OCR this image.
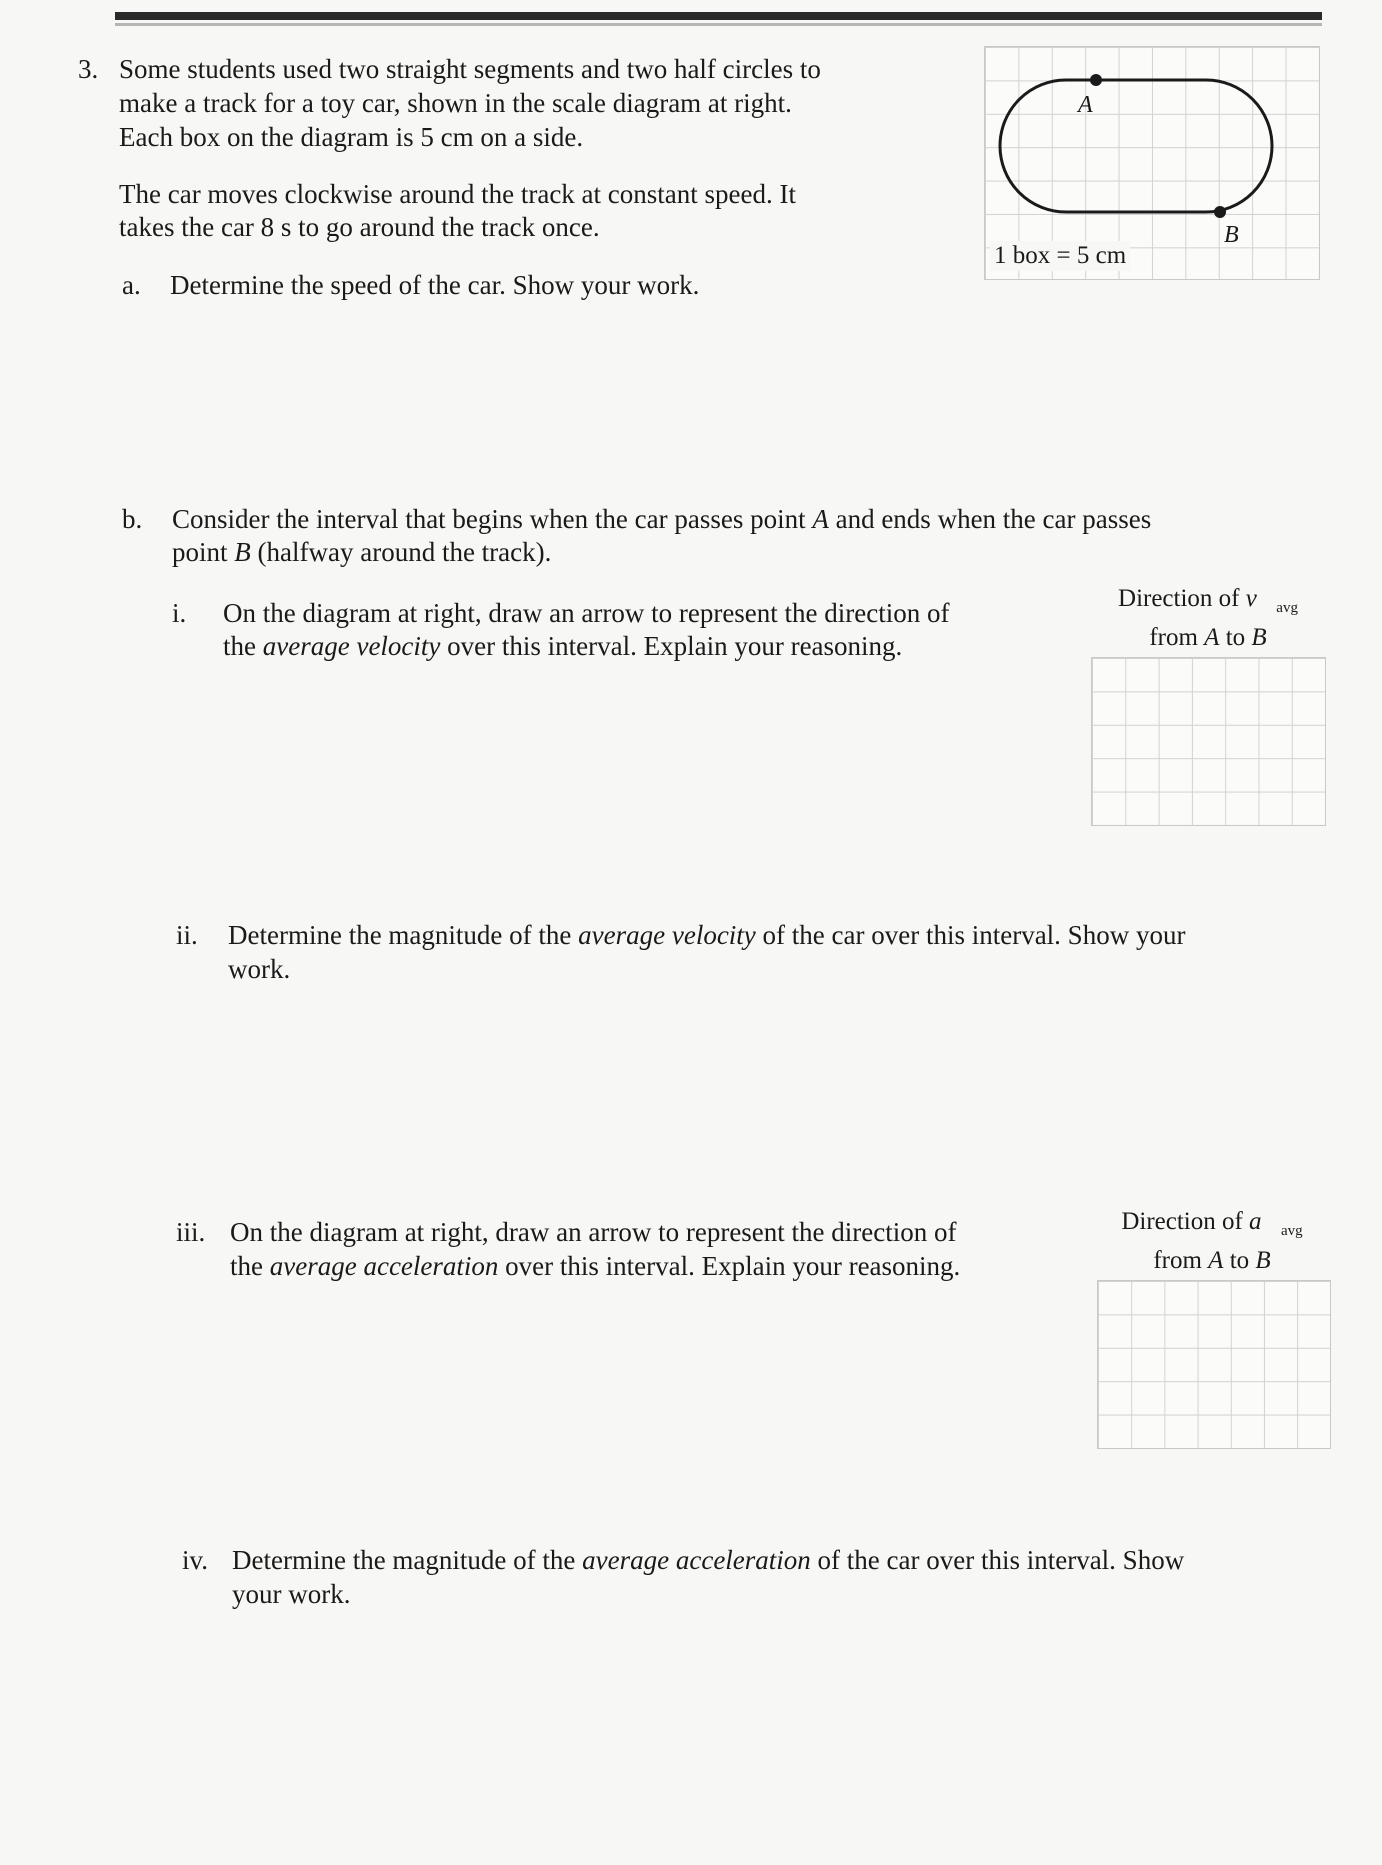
3. Some students used two straight segments and two half circles to
make a track for a toy car, shown in the scale diagram at right.
Each box on the diagram is 5 cm on a side.
The car moves clockwise around the track at constant speed. It
takes the car 8 s to go around the track once.
A
B
1 box = 5 cm
a. Determine the speed of the car. Show your work.
b. Consider the interval that begins when the car passes point A and ends when the car passes
point B (halfway around the track).
i. On the diagram at right, draw an arrow to represent the direction of
the average velocity over this interval. Explain your reasoning.
Direction of $v⃗_{avg}$
from A to B
ii. Determine the magnitude of the average velocity of the car over this interval. Show your
work.
iii. On the diagram at right, draw an arrow to represent the direction of
the average acceleration over this interval. Explain your reasoning.
Direction of $a⃗_{avg}$
from A to B
iv. Determine the magnitude of the average acceleration of the car over this interval. Show
your work.
